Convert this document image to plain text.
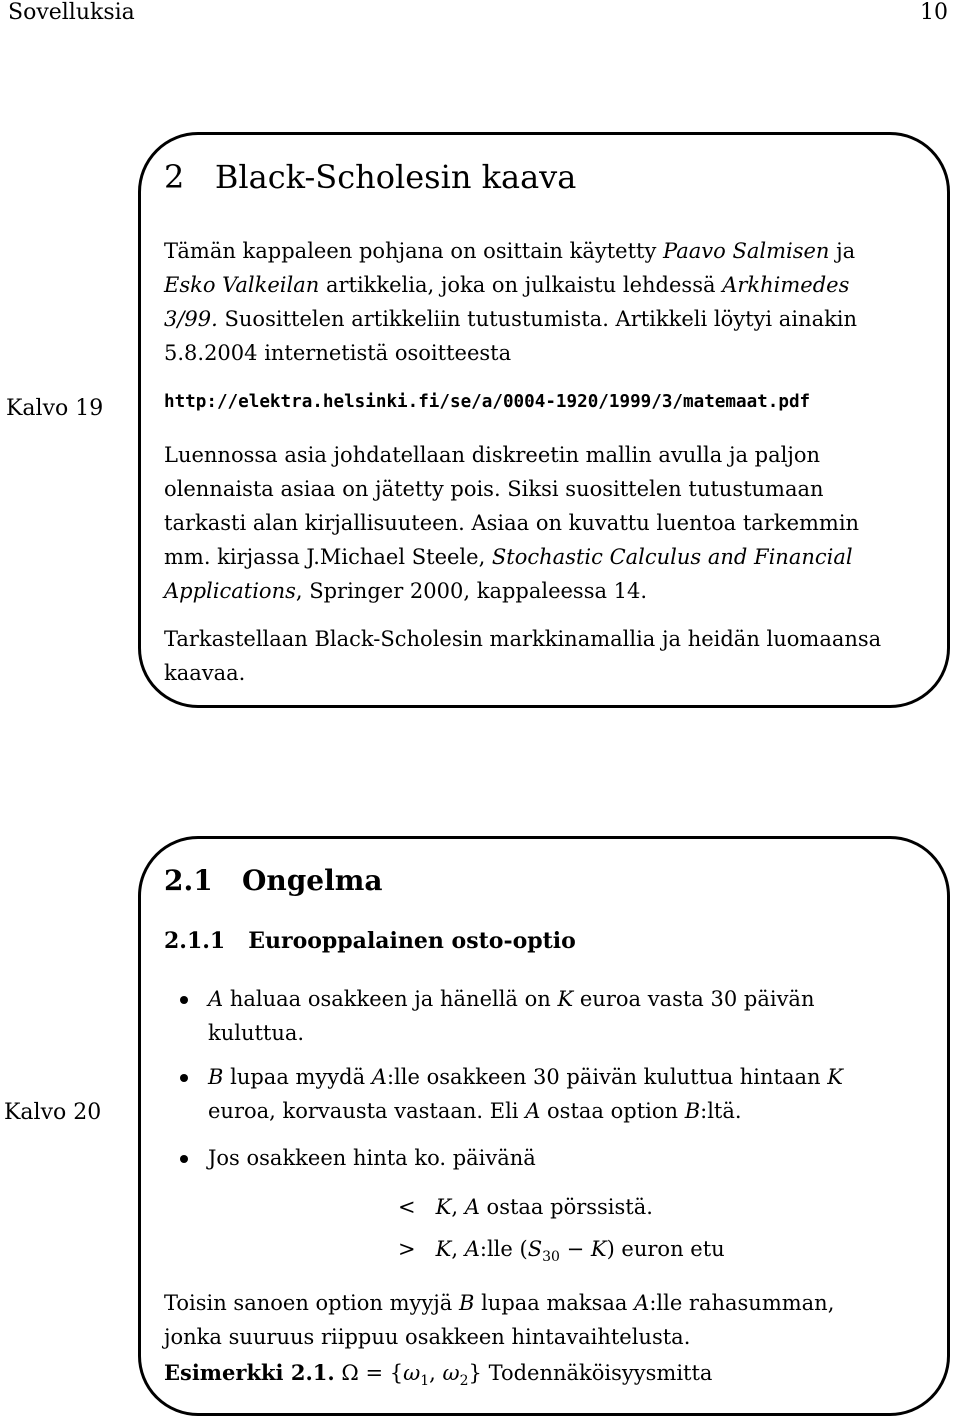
Sovelluksia	10
Kalvo 19
2 Black-Scholesin kaava
Tämän kappaleen pohjana on osittain käytetty Paavo Salmisen ja
Esko Valkeilan artikkelia, joka on julkaistu lehdessä Arkhimedes
3/99. Suosittelen artikkeliin tutustumista. Artikkeli löytyi ainakin
5.8.2004 internetistä osoitteesta
http://elektra.helsinki.fi/se/a/0004-1920/1999/3/matemaat.pdf
Luennossa asia johdatellaan diskreetin mallin avulla ja paljon
olennaista asiaa on jätetty pois. Siksi suosittelen tutustumaan
tarkasti alan kirjallisuuteen. Asiaa on kuvattu luentoa tarkemmin
mm. kirjassa J.Michael Steele, Stochastic Calculus and Financial
Applications, Springer 2000, kappaleessa 14.
Tarkastellaan Black-Scholesin markkinamallia ja heidän luomaansa
kaavaa.
Kalvo 20
2.1   Ongelma
2.1.1   Eurooppalainen osto-optio
A haluaa osakkeen ja hänellä on K euroa vasta 30 päivän
kuluttua.
B lupaa myydä A:lle osakkeen 30 päivän kuluttua hintaan K
euroa, korvausta vastaan. Eli A ostaa option B:ltä.
Jos osakkeen hinta ko. päivänä
< K, A ostaa pörssistä.
> K, A:lle $(S_{30} - K)$ euron etu
Toisin sanoen option myyjä B lupaa maksaa A:lle rahasumman,
jonka suuruus riippuu osakkeen hintavaihtelusta.
Esimerkki 2.1. $\Omega = \{\omega_1$, $\omega_2$} Todennäköisyysmitta
